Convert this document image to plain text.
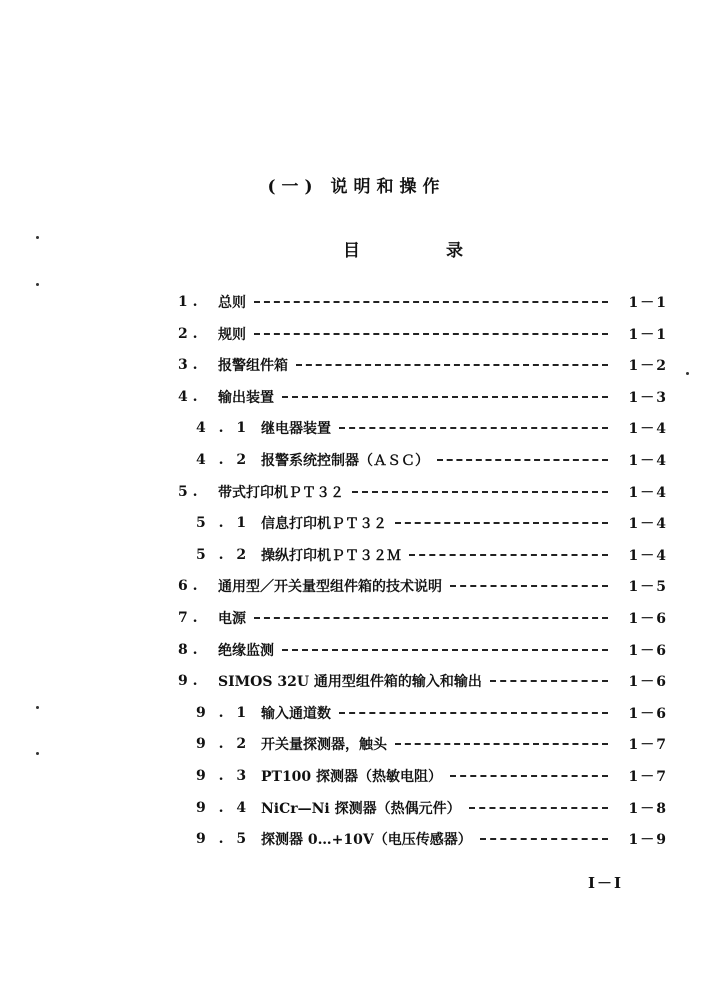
(一) 说明和操作
目	录
1 .	总则	1－1
2 .	规则	1－1
3 .	报警组件箱	1－2
4 .	输出装置	1－3
4 . 1 继电器装置	1－4
4 . 2 报警系统控制器（ＡＳＣ）	1－4
5 .	带式打印机ＰＴ３２	1－4
5 . 1 信息打印机ＰＴ３２	1－4
5 . 2 操纵打印机ＰＴ３２Ｍ	1－4
6 .	通用型／开关量型组件箱的技术说明	1－5
7 .	电源	1－6
8 .	绝缘监测	1－6
9 .	SIMOS 32U 通用型组件箱的输入和输出	1－6
9 . 1 输入通道数	1－6
9 . 2 开关量探测器，触头	1－7
9 . 3 PT100 探测器（热敏电阻）	1－7
9 . 4 NiCr—Ni 探测器（热偶元件）	1－8
9 . 5 探测器 0…+10V（电压传感器）	1－9
I－I
